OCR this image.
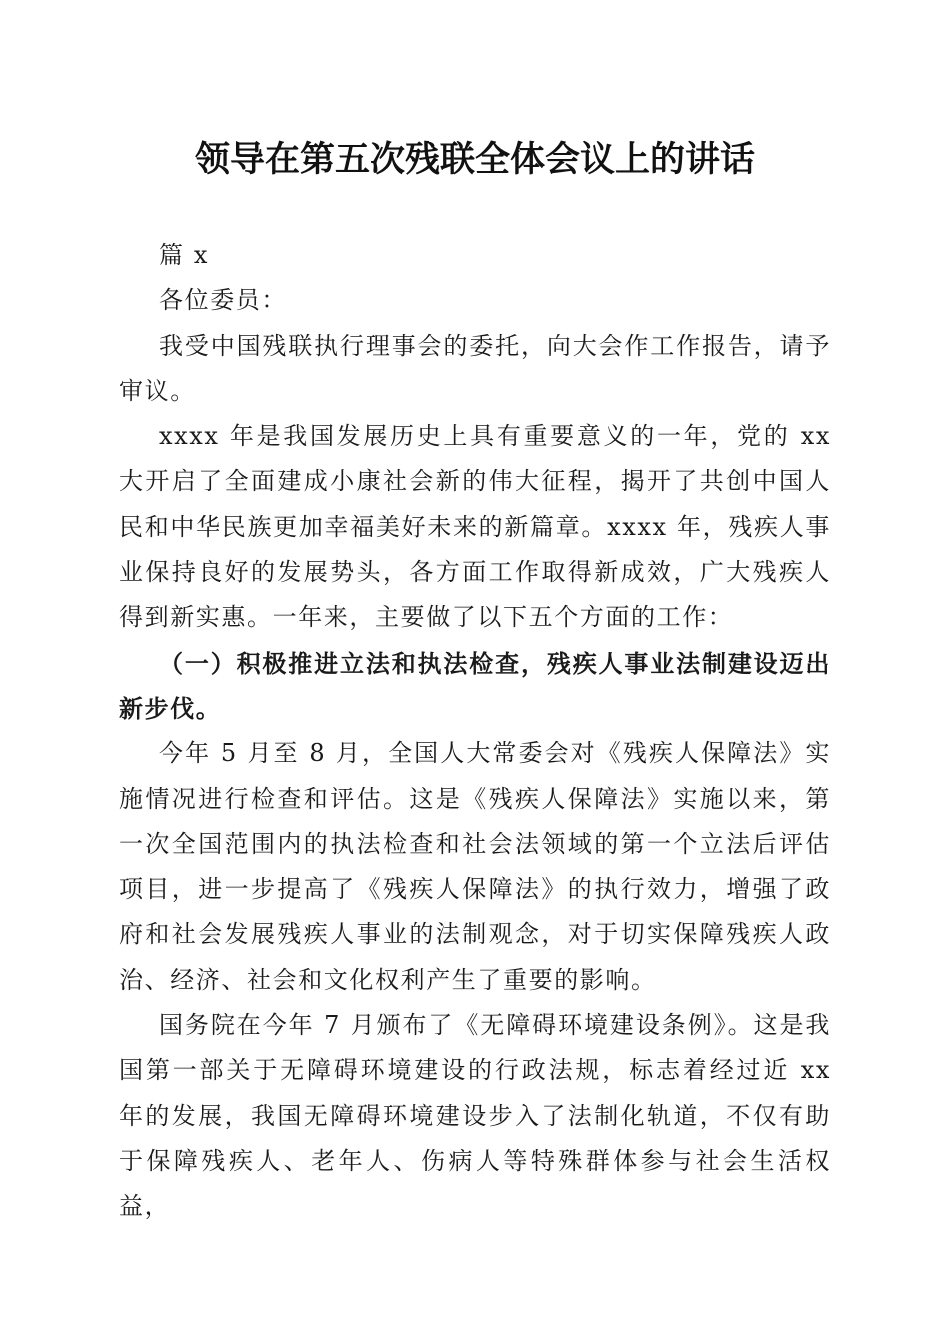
领导在第五次残联全体会议上的讲话

篇 x

各位委员：

我受中国残联执行理事会的委托，向大会作工作报告，请予审议。

xxxx 年是我国发展历史上具有重要意义的一年，党的 xx 大开启了全面建成小康社会新的伟大征程，揭开了共创中国人民和中华民族更加幸福美好未来的新篇章。xxxx 年，残疾人事业保持良好的发展势头，各方面工作取得新成效，广大残疾人得到新实惠。一年来，主要做了以下五个方面的工作：

（一）积极推进立法和执法检查，残疾人事业法制建设迈出新步伐。

今年 5 月至 8 月，全国人大常委会对《残疾人保障法》实施情况进行检查和评估。这是《残疾人保障法》实施以来，第一次全国范围内的执法检查和社会法领域的第一个立法后评估项目，进一步提高了《残疾人保障法》的执行效力，增强了政府和社会发展残疾人事业的法制观念，对于切实保障残疾人政治、经济、社会和文化权利产生了重要的影响。

国务院在今年 7 月颁布了《无障碍环境建设条例》。这是我国第一部关于无障碍环境建设的行政法规，标志着经过近 xx 年的发展，我国无障碍环境建设步入了法制化轨道，不仅有助于保障残疾人、老年人、伤病人等特殊群体参与社会生活权益，
